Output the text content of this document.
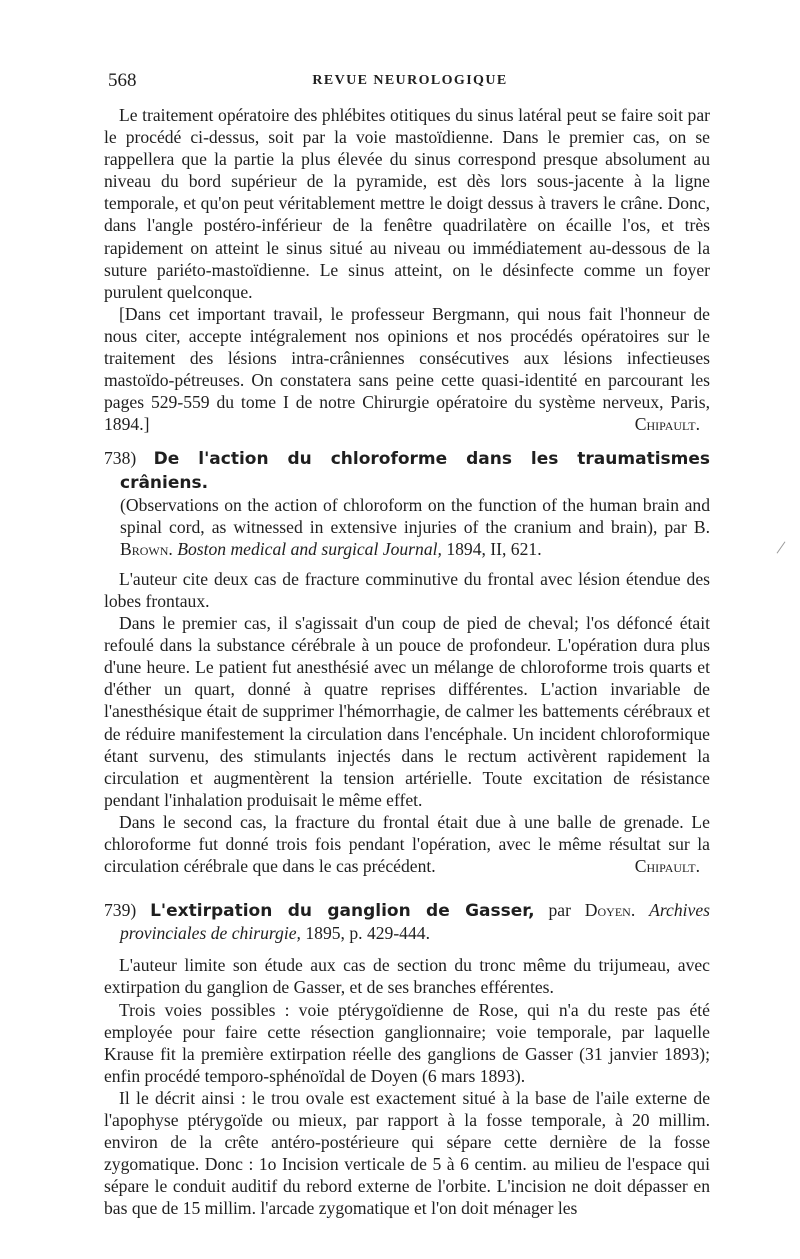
568	REVUE NEUROLOGIQUE

Le traitement opératoire des phlébites otitiques du sinus latéral peut se faire soit par le procédé ci-dessus, soit par la voie mastoïdienne. Dans le premier cas, on se rappellera que la partie la plus élevée du sinus correspond presque absolument au niveau du bord supérieur de la pyramide, est dès lors sous-jacente à la ligne temporale, et qu'on peut véritablement mettre le doigt dessus à travers le crâne. Donc, dans l'angle postéro-inférieur de la fenêtre quadrilatère on écaille l'os, et très rapidement on atteint le sinus situé au niveau ou immédiatement au-dessous de la suture pariéto-mastoïdienne. Le sinus atteint, on le désinfecte comme un foyer purulent quelconque.

[Dans cet important travail, le professeur Bergmann, qui nous fait l'honneur de nous citer, accepte intégralement nos opinions et nos procédés opératoires sur le traitement des lésions intra-crâniennes consécutives aux lésions infectieuses mastoïdo-pétreuses. On constatera sans peine cette quasi-identité en parcourant les pages 529-559 du tome I de notre Chirurgie opératoire du système nerveux, Paris, 1894.]	Chipault.

738) De l'action du chloroforme dans les traumatismes crâniens.
(Observations on the action of chloroform on the function of the human brain and spinal cord, as witnessed in extensive injuries of the cranium and brain), par B. Brown. Boston medical and surgical Journal, 1894, II, 621.

L'auteur cite deux cas de fracture comminutive du frontal avec lésion étendue des lobes frontaux.

Dans le premier cas, il s'agissait d'un coup de pied de cheval; l'os défoncé était refoulé dans la substance cérébrale à un pouce de profondeur. L'opération dura plus d'une heure. Le patient fut anesthésié avec un mélange de chloroforme trois quarts et d'éther un quart, donné à quatre reprises différentes. L'action invariable de l'anesthésique était de supprimer l'hémorrhagie, de calmer les battements cérébraux et de réduire manifestement la circulation dans l'encéphale. Un incident chloroformique étant survenu, des stimulants injectés dans le rectum activèrent rapidement la circulation et augmentèrent la tension artérielle. Toute excitation de résistance pendant l'inhalation produisait le même effet.

Dans le second cas, la fracture du frontal était due à une balle de grenade. Le chloroforme fut donné trois fois pendant l'opération, avec le même résultat sur la circulation cérébrale que dans le cas précédent.	Chipault.

739) L'extirpation du ganglion de Gasser, par Doyen. Archives provinciales de chirurgie, 1895, p. 429-444.

L'auteur limite son étude aux cas de section du tronc même du trijumeau, avec extirpation du ganglion de Gasser, et de ses branches efférentes.

Trois voies possibles : voie ptérygoïdienne de Rose, qui n'a du reste pas été employée pour faire cette résection ganglionnaire; voie temporale, par laquelle Krause fit la première extirpation réelle des ganglions de Gasser (31 janvier 1893); enfin procédé temporo-sphénoïdal de Doyen (6 mars 1893).

Il le décrit ainsi : le trou ovale est exactement situé à la base de l'aile externe de l'apophyse ptérygoïde ou mieux, par rapport à la fosse temporale, à 20 millim. environ de la crête antéro-postérieure qui sépare cette dernière de la fosse zygomatique. Donc : 1o Incision verticale de 5 à 6 centim. au milieu de l'espace qui sépare le conduit auditif du rebord externe de l'orbite. L'incision ne doit dépasser en bas que de 15 millim. l'arcade zygomatique et l'on doit ménager les
